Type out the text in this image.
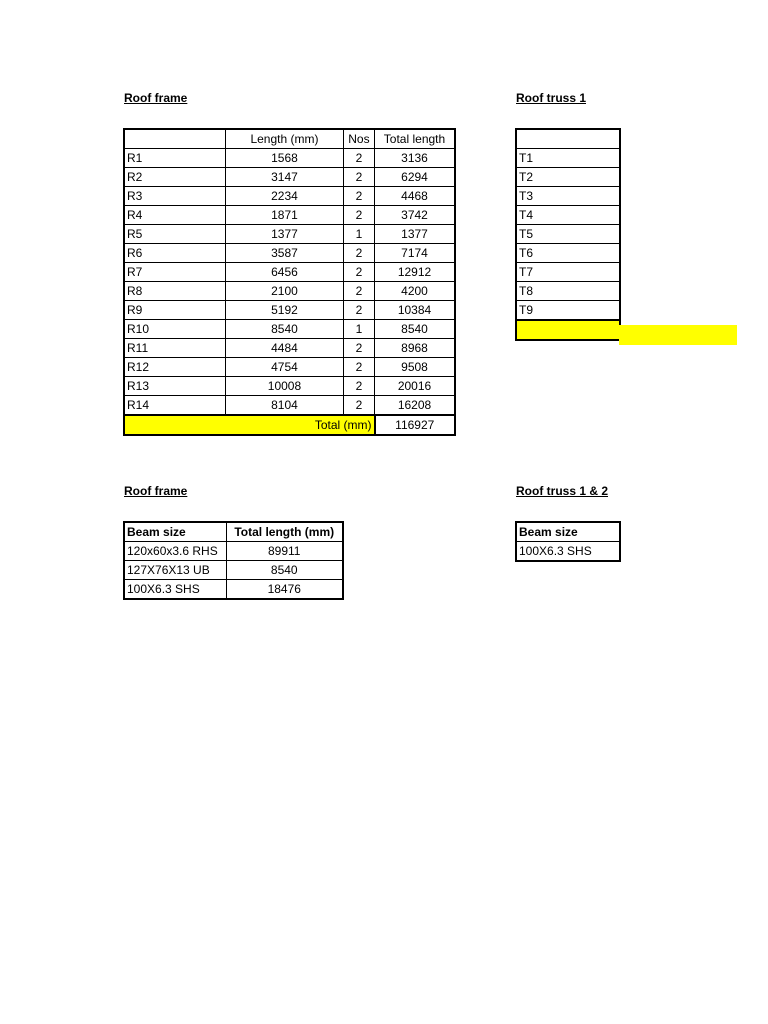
Roof frame	Roof truss 1
	Length (mm)	Nos	Total length
R1	1568	2	3136
R2	3147	2	6294
R3	2234	2	4468
R4	1871	2	3742
R5	1377	1	1377
R6	3587	2	7174
R7	6456	2	12912
R8	2100	2	4200
R9	5192	2	10384
R10	8540	1	8540
R11	4484	2	8968
R12	4754	2	9508
R13	10008	2	20016
R14	8104	2	16208
Total (mm)			116927

T1
T2
T3
T4
T5
T6
T7
T8
T9

Roof frame	Roof truss 1 & 2
Beam size	Total length (mm)
120x60x3.6 RHS	89911
127X76X13 UB	8540
100X6.3 SHS	18476
Beam size
100X6.3 SHS
